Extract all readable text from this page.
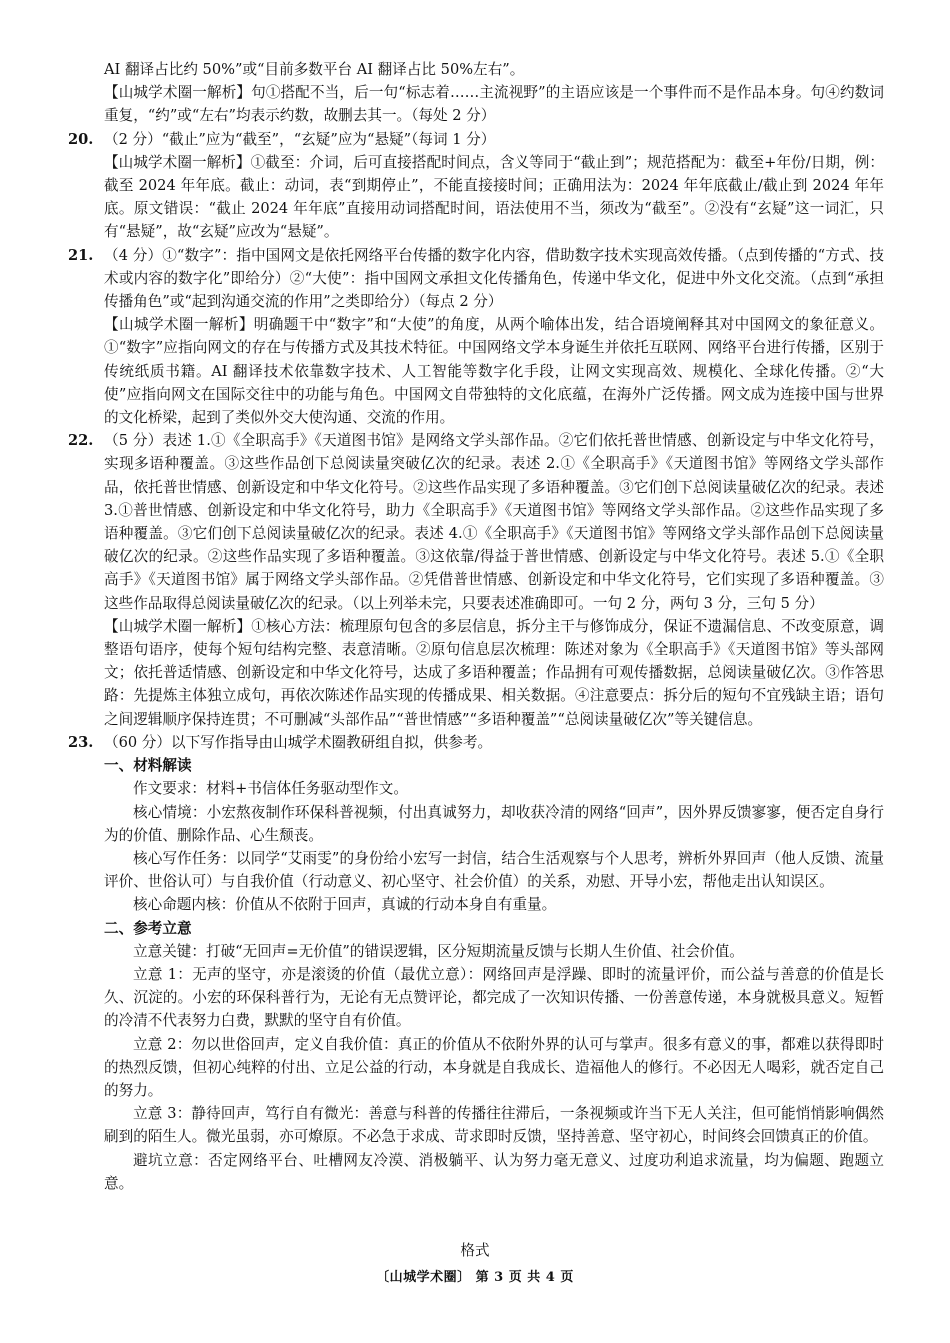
AI 翻译占比约 50%”或“目前多数平台 AI 翻译占比 50%左右”。

【山城学术圈一解析】句①搭配不当，后一句“标志着……主流视野”的主语应该是一个事件而不是作品本身。句④约数词重复，“约”或“左右”均表示约数，故删去其一。（每处 2 分）

20. （2 分）“截止”应为“截至”，“玄疑”应为“悬疑”（每词 1 分）

【山城学术圈一解析】①截至：介词，后可直接搭配时间点，含义等同于“截止到”；规范搭配为：截至+年份/日期，例：截至 2024 年年底。截止：动词，表“到期停止”，不能直接接时间；正确用法为：2024 年年底截止/截止到 2024 年年底。原文错误：“截止 2024 年年底”直接用动词搭配时间，语法使用不当，须改为“截至”。②没有“玄疑”这一词汇，只有“悬疑”，故“玄疑”应改为“悬疑”。

21. （4 分）①“数字”：指中国网文是依托网络平台传播的数字化内容，借助数字技术实现高效传播。（点到传播的“方式、技术或内容的数字化”即给分）②“大使”：指中国网文承担文化传播角色，传递中华文化，促进中外文化交流。（点到“承担传播角色”或“起到沟通交流的作用”之类即给分）（每点 2 分）

【山城学术圈一解析】明确题干中“数字”和“大使”的角度，从两个喻体出发，结合语境阐释其对中国网文的象征意义。①“数字”应指向网文的存在与传播方式及其技术特征。中国网络文学本身诞生并依托互联网、网络平台进行传播，区别于传统纸质书籍。AI 翻译技术依靠数字技术、人工智能等数字化手段，让网文实现高效、规模化、全球化传播。②“大使”应指向网文在国际交往中的功能与角色。中国网文自带独特的文化底蕴，在海外广泛传播。网文成为连接中国与世界的文化桥梁，起到了类似外交大使沟通、交流的作用。

22. （5 分）表述 1.①《全职高手》《天道图书馆》是网络文学头部作品。②它们依托普世情感、创新设定与中华文化符号，实现多语种覆盖。③这些作品创下总阅读量突破亿次的纪录。表述 2.①《全职高手》《天道图书馆》等网络文学头部作品，依托普世情感、创新设定和中华文化符号。②这些作品实现了多语种覆盖。③它们创下总阅读量破亿次的纪录。表述 3.①普世情感、创新设定和中华文化符号，助力《全职高手》《天道图书馆》等网络文学头部作品。②这些作品实现了多语种覆盖。③它们创下总阅读量破亿次的纪录。表述 4.①《全职高手》《天道图书馆》等网络文学头部作品创下总阅读量破亿次的纪录。②这些作品实现了多语种覆盖。③这依靠/得益于普世情感、创新设定与中华文化符号。表述 5.①《全职高手》《天道图书馆》属于网络文学头部作品。②凭借普世情感、创新设定和中华文化符号，它们实现了多语种覆盖。③这些作品取得总阅读量破亿次的纪录。（以上列举未完，只要表述准确即可。一句 2 分，两句 3 分，三句 5 分）

【山城学术圈一解析】①核心方法：梳理原句包含的多层信息，拆分主干与修饰成分，保证不遗漏信息、不改变原意，调整语句语序，使每个短句结构完整、表意清晰。②原句信息层次梳理：陈述对象为《全职高手》《天道图书馆》等头部网文；依托普适情感、创新设定和中华文化符号，达成了多语种覆盖；作品拥有可观传播数据，总阅读量破亿次。③作答思路：先提炼主体独立成句，再依次陈述作品实现的传播成果、相关数据。④注意要点：拆分后的短句不宜残缺主语；语句之间逻辑顺序保持连贯；不可删减“头部作品”“普世情感”“多语种覆盖”“总阅读量破亿次”等关键信息。

23. （60 分）以下写作指导由山城学术圈教研组自拟，供参考。

一、材料解读

作文要求：材料+书信体任务驱动型作文。

核心情境：小宏熬夜制作环保科普视频，付出真诚努力，却收获冷清的网络“回声”，因外界反馈寥寥，便否定自身行为的价值、删除作品、心生颓丧。

核心写作任务：以同学“艾雨雯”的身份给小宏写一封信，结合生活观察与个人思考，辨析外界回声（他人反馈、流量评价、世俗认可）与自我价值（行动意义、初心坚守、社会价值）的关系，劝慰、开导小宏，帮他走出认知误区。

核心命题内核：价值从不依附于回声，真诚的行动本身自有重量。

二、参考立意

立意关键：打破“无回声=无价值”的错误逻辑，区分短期流量反馈与长期人生价值、社会价值。

立意 1：无声的坚守，亦是滚烫的价值（最优立意）：网络回声是浮躁、即时的流量评价，而公益与善意的价值是长久、沉淀的。小宏的环保科普行为，无论有无点赞评论，都完成了一次知识传播、一份善意传递，本身就极具意义。短暂的冷清不代表努力白费，默默的坚守自有价值。

立意 2：勿以世俗回声，定义自我价值：真正的价值从不依附外界的认可与掌声。很多有意义的事，都难以获得即时的热烈反馈，但初心纯粹的付出、立足公益的行动，本身就是自我成长、造福他人的修行。不必因无人喝彩，就否定自己的努力。

立意 3：静待回声，笃行自有微光：善意与科普的传播往往滞后，一条视频或许当下无人关注，但可能悄悄影响偶然刷到的陌生人。微光虽弱，亦可燎原。不必急于求成、苛求即时反馈，坚持善意、坚守初心，时间终会回馈真正的价值。

避坑立意：否定网络平台、吐槽网友冷漠、消极躺平、认为努力毫无意义、过度功利追求流量，均为偏题、跑题立意。

格式
〔山城学术圈〕 第 3 页 共 4 页
